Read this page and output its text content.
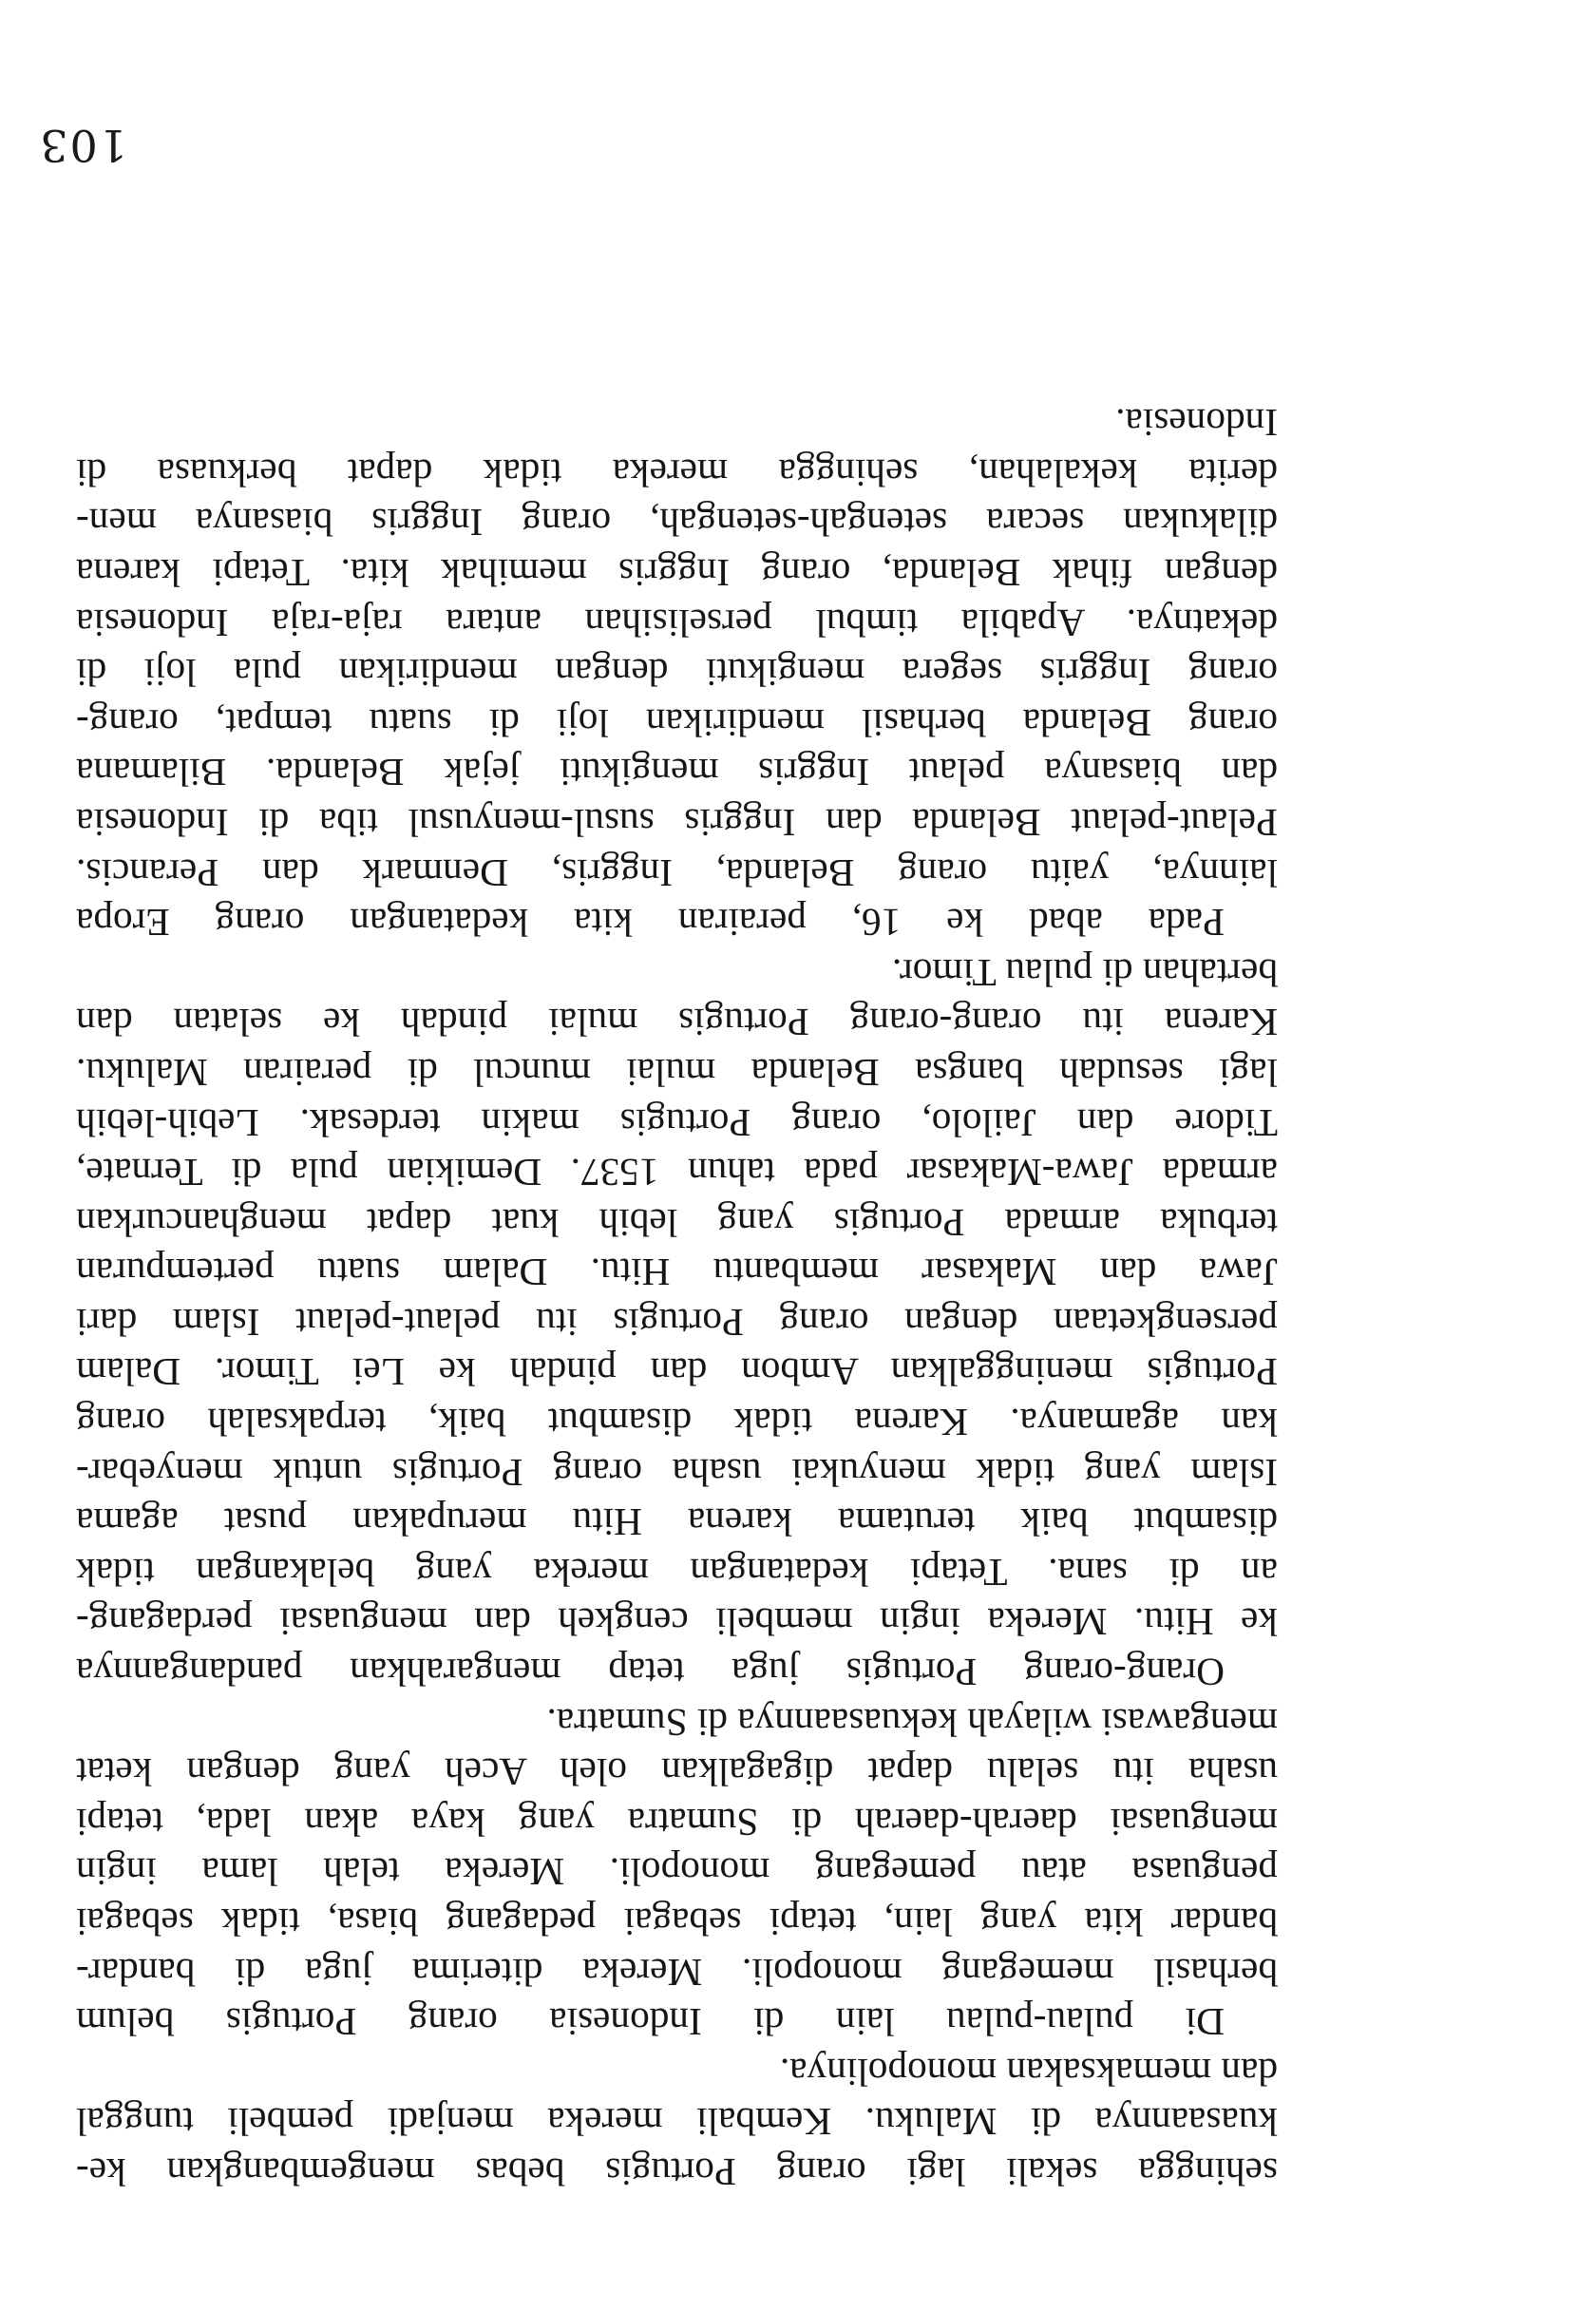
103

sehingga sekali lagi orang Portugis bebas mengembangkan ke-
kuasaannya di Maluku. Kembali mereka menjadi pembeli tunggal
dan memaksakan monopolinya.

Di pulau-pulau lain di Indonesia orang Portugis belum
berhasil memegang monopoli. Mereka diterima juga di bandar-
bandar kita yang lain, tetapi sebagai pedagang biasa, tidak sebagai
penguasa atau pemegang monopoli. Mereka telah lama ingin
menguasai daerah-daerah di Sumatra yang kaya akan lada, tetapi
usaha itu selalu dapat digagalkan oleh Aceh yang dengan ketat
mengawasi wilayah kekuasaannya di Sumatra.

Orang-orang Portugis juga tetap mengarahkan pandangannya
ke Hitu. Mereka ingin membeli cengkeh dan menguasai perdagang-
an di sana. Tetapi kedatangan mereka yang belakangan tidak
disambut baik terutama karena Hitu merupakan pusat agama
Islam yang tidak menyukai usaha orang Portugis untuk menyebar-
kan agamanya. Karena tidak disambut baik, terpaksalah orang
Portugis meninggalkan Ambon dan pindah ke Lei Timor. Dalam
persengketaan dengan orang Portugis itu pelaut-pelaut Islam dari
Jawa dan Makasar membantu Hitu. Dalam suatu pertempuran
terbuka armada Portugis yang lebih kuat dapat menghancurkan
armada Jawa-Makasar pada tahun 1537. Demikian pula di Ternate,
Tidore dan Jailolo, orang Portugis makin terdesak. Lebih-lebih
lagi sesudah bangsa Belanda mulai muncul di perairan Maluku.
Karena itu orang-orang Portugis mulai pindah ke selatan dan
bertahan di pulau Timor.

Pada abad ke 16, perairan kita kedatangan orang Eropa
lainnya, yaitu orang Belanda, Inggris, Denmark dan Perancis.
Pelaut-pelaut Belanda dan Inggris susul-menyusul tiba di Indonesia
dan biasanya pelaut Inggris mengikuti jejak Belanda. Bilamana
orang Belanda berhasil mendirikan loji di suatu tempat, orang-
orang Inggris segera mengikuti dengan mendirikan pula loji di
dekatnya. Apabila timbul perselisihan antara raja-raja Indonesia
dengan fihak Belanda, orang Inggris memihak kita. Tetapi karena
dilakukan secara setengah-setengah, orang Inggris biasanya men-
derita kekalahan, sehingga mereka tidak dapat berkuasa di
Indonesia.
